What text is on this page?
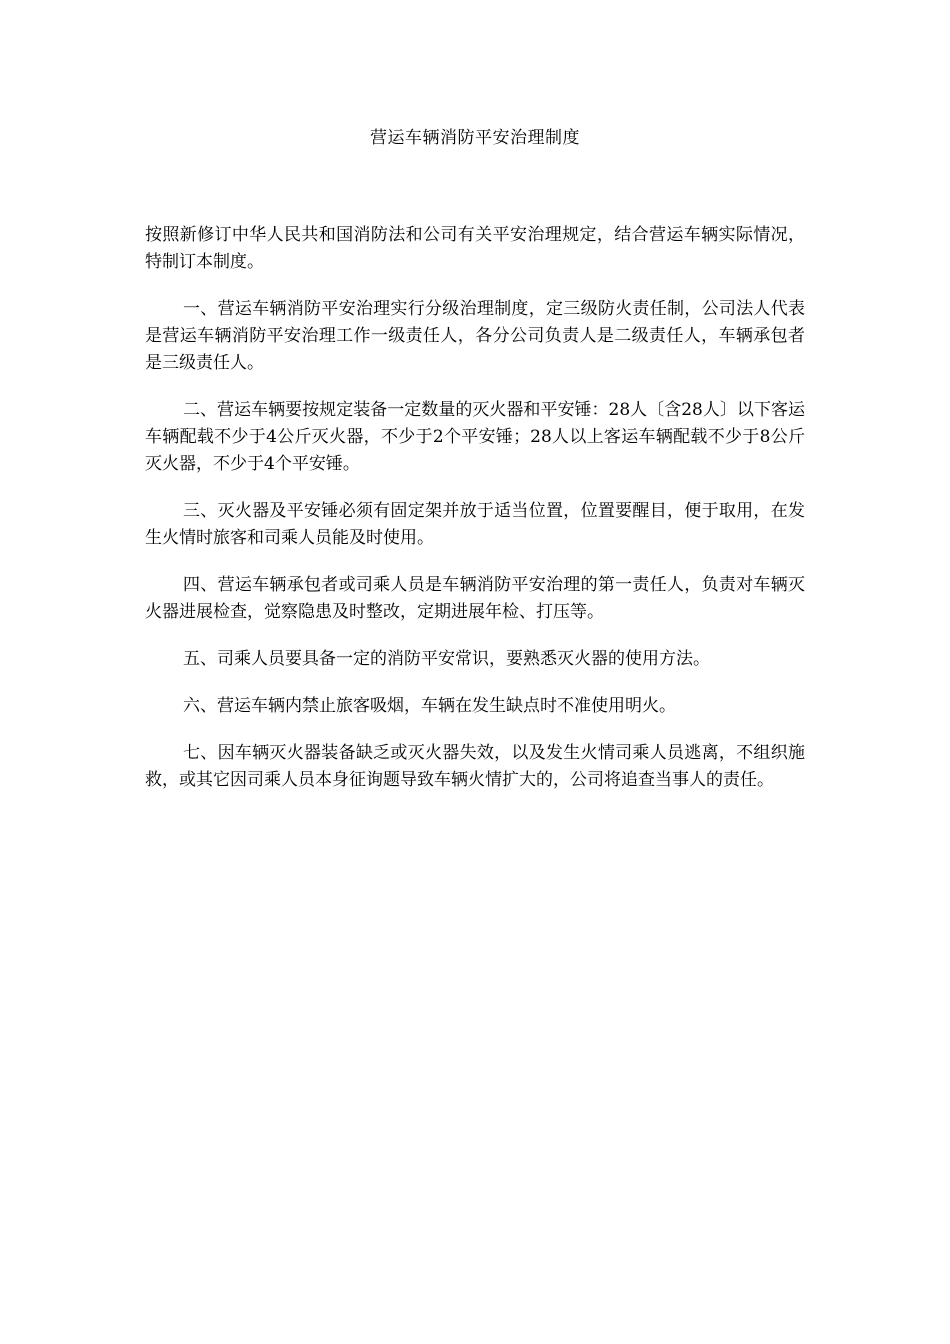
营运车辆消防平安治理制度

按照新修订中华人民共和国消防法和公司有关平安治理规定，结合营运车辆实际情况，特制订本制度。

一、营运车辆消防平安治理实行分级治理制度，定三级防火责任制，公司法人代表是营运车辆消防平安治理工作一级责任人，各分公司负责人是二级责任人，车辆承包者是三级责任人。

二、营运车辆要按规定装备一定数量的灭火器和平安锤：28人〔含28人〕以下客运车辆配载不少于4公斤灭火器，不少于2个平安锤；28人以上客运车辆配载不少于8公斤灭火器，不少于4个平安锤。

三、灭火器及平安锤必须有固定架并放于适当位置，位置要醒目，便于取用，在发生火情时旅客和司乘人员能及时使用。

四、营运车辆承包者或司乘人员是车辆消防平安治理的第一责任人，负责对车辆灭火器进展检查，觉察隐患及时整改，定期进展年检、打压等。

五、司乘人员要具备一定的消防平安常识，要熟悉灭火器的使用方法。

六、营运车辆内禁止旅客吸烟，车辆在发生缺点时不准使用明火。

七、因车辆灭火器装备缺乏或灭火器失效，以及发生火情司乘人员逃离，不组织施救，或其它因司乘人员本身征询题导致车辆火情扩大的，公司将追查当事人的责任。
